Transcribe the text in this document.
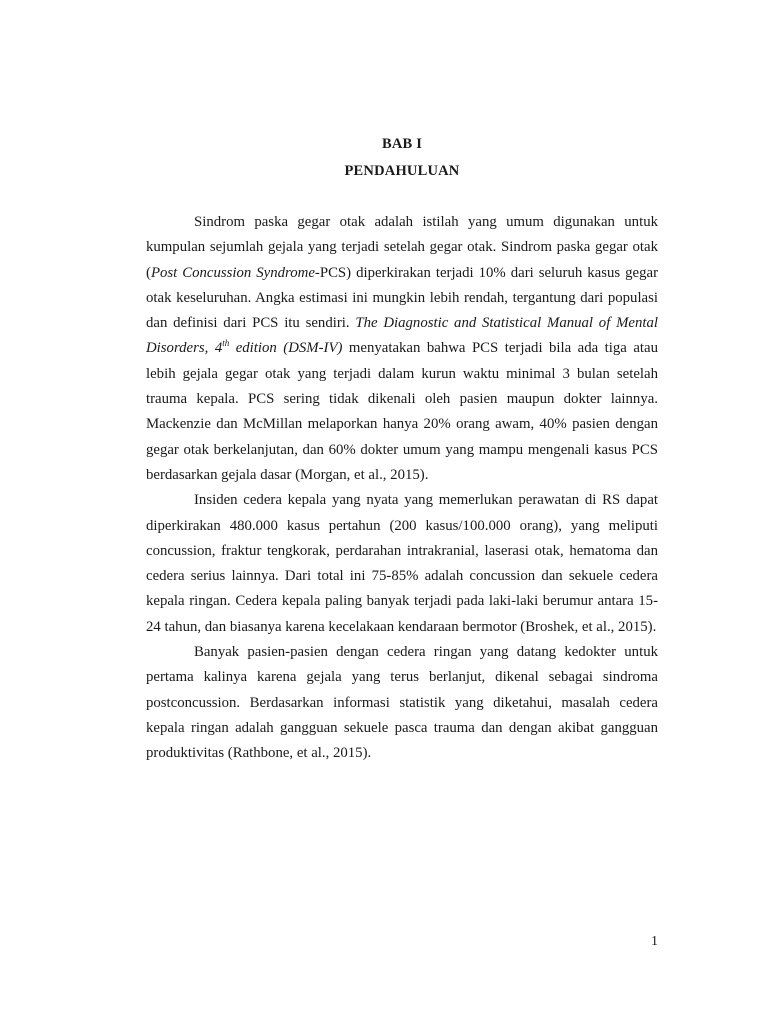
BAB I
PENDAHULUAN

Sindrom paska gegar otak adalah istilah yang umum digunakan untuk kumpulan sejumlah gejala yang terjadi setelah gegar otak. Sindrom paska gegar otak (Post Concussion Syndrome-PCS) diperkirakan terjadi 10% dari seluruh kasus gegar otak keseluruhan. Angka estimasi ini mungkin lebih rendah, tergantung dari populasi dan definisi dari PCS itu sendiri. The Diagnostic and Statistical Manual of Mental Disorders, 4th edition (DSM-IV) menyatakan bahwa PCS terjadi bila ada tiga atau lebih gejala gegar otak yang terjadi dalam kurun waktu minimal 3 bulan setelah trauma kepala. PCS sering tidak dikenali oleh pasien maupun dokter lainnya. Mackenzie dan McMillan melaporkan hanya 20% orang awam, 40% pasien dengan gegar otak berkelanjutan, dan 60% dokter umum yang mampu mengenali kasus PCS berdasarkan gejala dasar (Morgan, et al., 2015).

Insiden cedera kepala yang nyata yang memerlukan perawatan di RS dapat diperkirakan 480.000 kasus pertahun (200 kasus/100.000 orang), yang meliputi concussion, fraktur tengkorak, perdarahan intrakranial, laserasi otak, hematoma dan cedera serius lainnya. Dari total ini 75-85% adalah concussion dan sekuele cedera kepala ringan. Cedera kepala paling banyak terjadi pada laki-laki berumur antara 15- 24 tahun, dan biasanya karena kecelakaan kendaraan bermotor (Broshek, et al., 2015).

Banyak pasien-pasien dengan cedera ringan yang datang kedokter untuk pertama kalinya karena gejala yang terus berlanjut, dikenal sebagai sindroma postconcussion. Berdasarkan informasi statistik yang diketahui, masalah cedera kepala ringan adalah gangguan sekuele pasca trauma dan dengan akibat gangguan produktivitas (Rathbone, et al., 2015).

1
